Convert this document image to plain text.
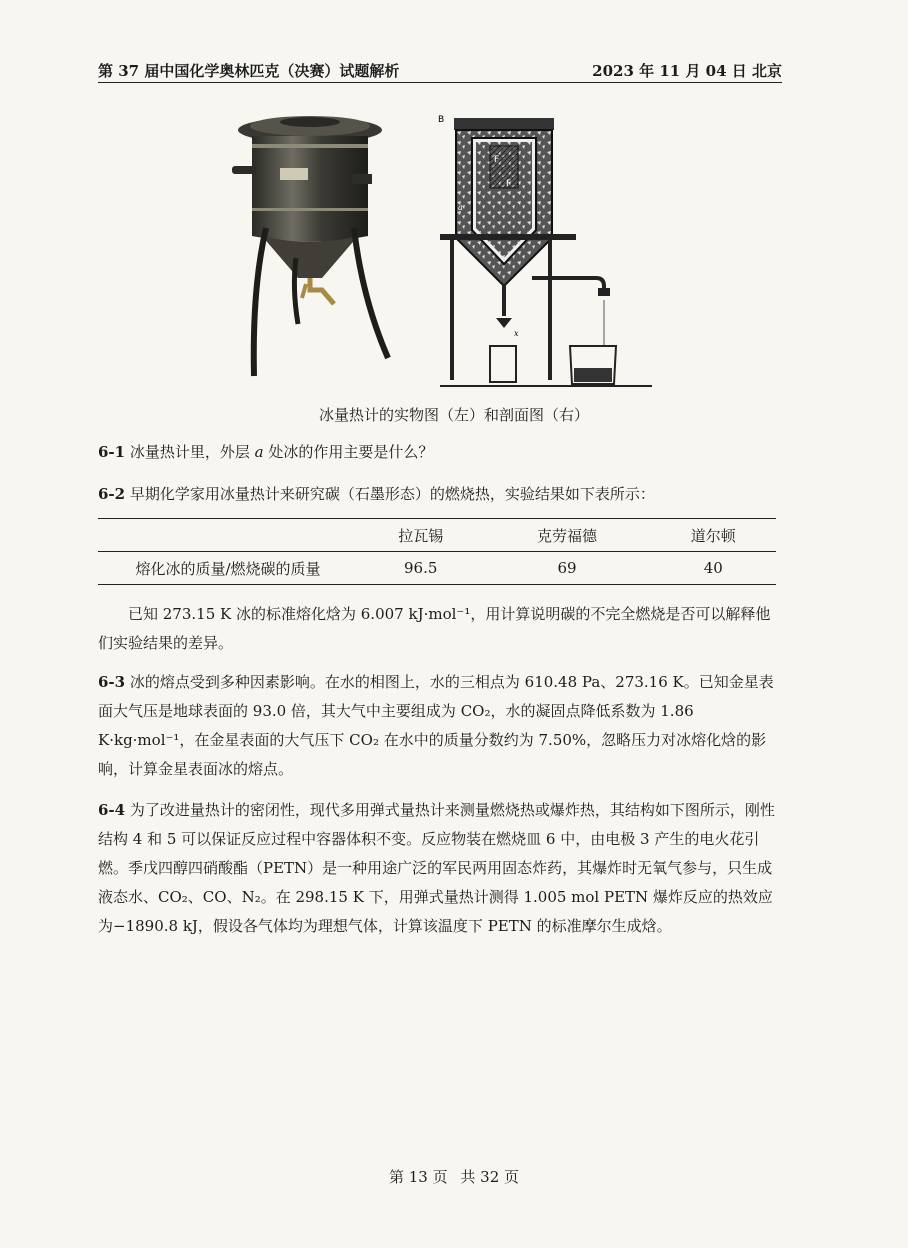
第 37 届中国化学奥林匹克（决赛）试题解析	2023 年 11 月 04 日 北京
B
F
F
a
x
冰量热计的实物图（左）和剖面图（右）
6-1 冰量热计里，外层 a 处冰的作用主要是什么？
6-2 早期化学家用冰量热计来研究碳（石墨形态）的燃烧热，实验结果如下表所示：
	拉瓦锡	克劳福德	道尔顿
熔化冰的质量/燃烧碳的质量	96.5	69	40
已知 273.15 K 冰的标准熔化焓为 6.007 kJ·mol⁻¹，用计算说明碳的不完全燃烧是否可以解释他们实验结果的差异。
6-3 冰的熔点受到多种因素影响。在水的相图上，水的三相点为 610.48 Pa、273.16 K。已知金星表面大气压是地球表面的 93.0 倍，其大气中主要组成为 CO₂，水的凝固点降低系数为 1.86 K·kg·mol⁻¹，在金星表面的大气压下 CO₂ 在水中的质量分数约为 7.50%，忽略压力对冰熔化焓的影响，计算金星表面冰的熔点。
6-4 为了改进量热计的密闭性，现代多用弹式量热计来测量燃烧热或爆炸热，其结构如下图所示，刚性结构 4 和 5 可以保证反应过程中容器体积不变。反应物装在燃烧皿 6 中，由电极 3 产生的电火花引燃。季戊四醇四硝酸酯（PETN）是一种用途广泛的军民两用固态炸药，其爆炸时无氧气参与，只生成液态水、CO₂、CO、N₂。在 298.15 K 下，用弹式量热计测得 1.005 mol PETN 爆炸反应的热效应为−1890.8 kJ，假设各气体均为理想气体，计算该温度下 PETN 的标准摩尔生成焓。
第 13 页 共 32 页
